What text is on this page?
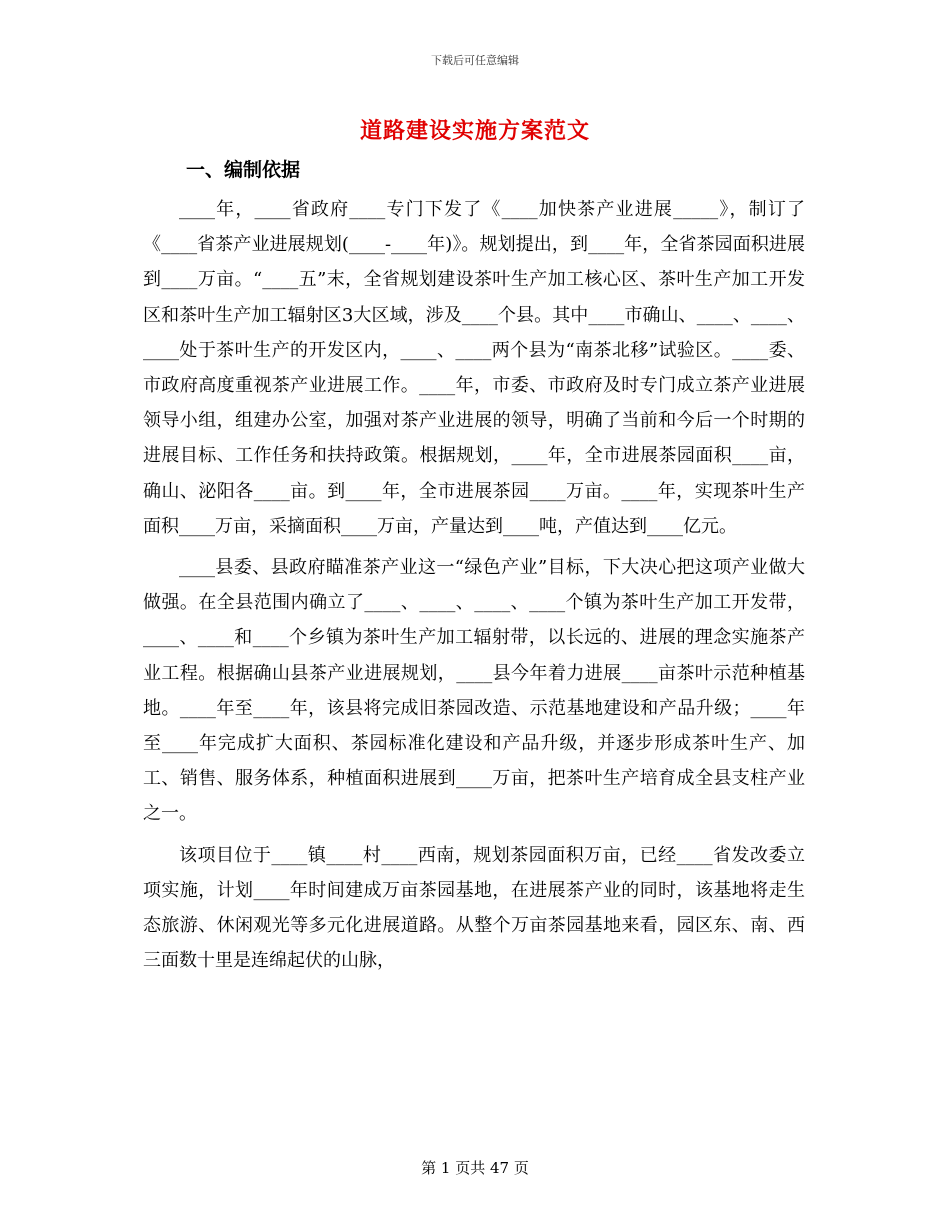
下载后可任意编辑
道路建设实施方案范文
一、编制依据

____年，____省政府____专门下发了《____加快茶产业进展_____》，制订了《____省茶产业进展规划(____-____年)》。规划提出，到____年，全省茶园面积进展到____万亩。“____五”末，全省规划建设茶叶生产加工核心区、茶叶生产加工开发区和茶叶生产加工辐射区3大区域，涉及____个县。其中____市确山、____、____、____处于茶叶生产的开发区内，____、____两个县为“南茶北移”试验区。____委、市政府高度重视茶产业进展工作。____年，市委、市政府及时专门成立茶产业进展领导小组，组建办公室，加强对茶产业进展的领导，明确了当前和今后一个时期的进展目标、工作任务和扶持政策。根据规划，____年，全市进展茶园面积____亩，确山、泌阳各____亩。到____年，全市进展茶园____万亩。____年，实现茶叶生产面积____万亩，采摘面积____万亩，产量达到____吨，产值达到____亿元。

____县委、县政府瞄准茶产业这一“绿色产业”目标，下大决心把这项产业做大做强。在全县范围内确立了____、____、____、____个镇为茶叶生产加工开发带，____、____和____个乡镇为茶叶生产加工辐射带，以长远的、进展的理念实施茶产业工程。根据确山县茶产业进展规划，____县今年着力进展____亩茶叶示范种植基地。____年至____年，该县将完成旧茶园改造、示范基地建设和产品升级；____年至____年完成扩大面积、茶园标准化建设和产品升级，并逐步形成茶叶生产、加工、销售、服务体系，种植面积进展到____万亩，把茶叶生产培育成全县支柱产业之一。

该项目位于____镇____村____西南，规划茶园面积万亩，已经____省发改委立项实施，计划____年时间建成万亩茶园基地，在进展茶产业的同时，该基地将走生态旅游、休闲观光等多元化进展道路。从整个万亩茶园基地来看，园区东、南、西三面数十里是连绵起伏的山脉，

第 1 页共 47 页
